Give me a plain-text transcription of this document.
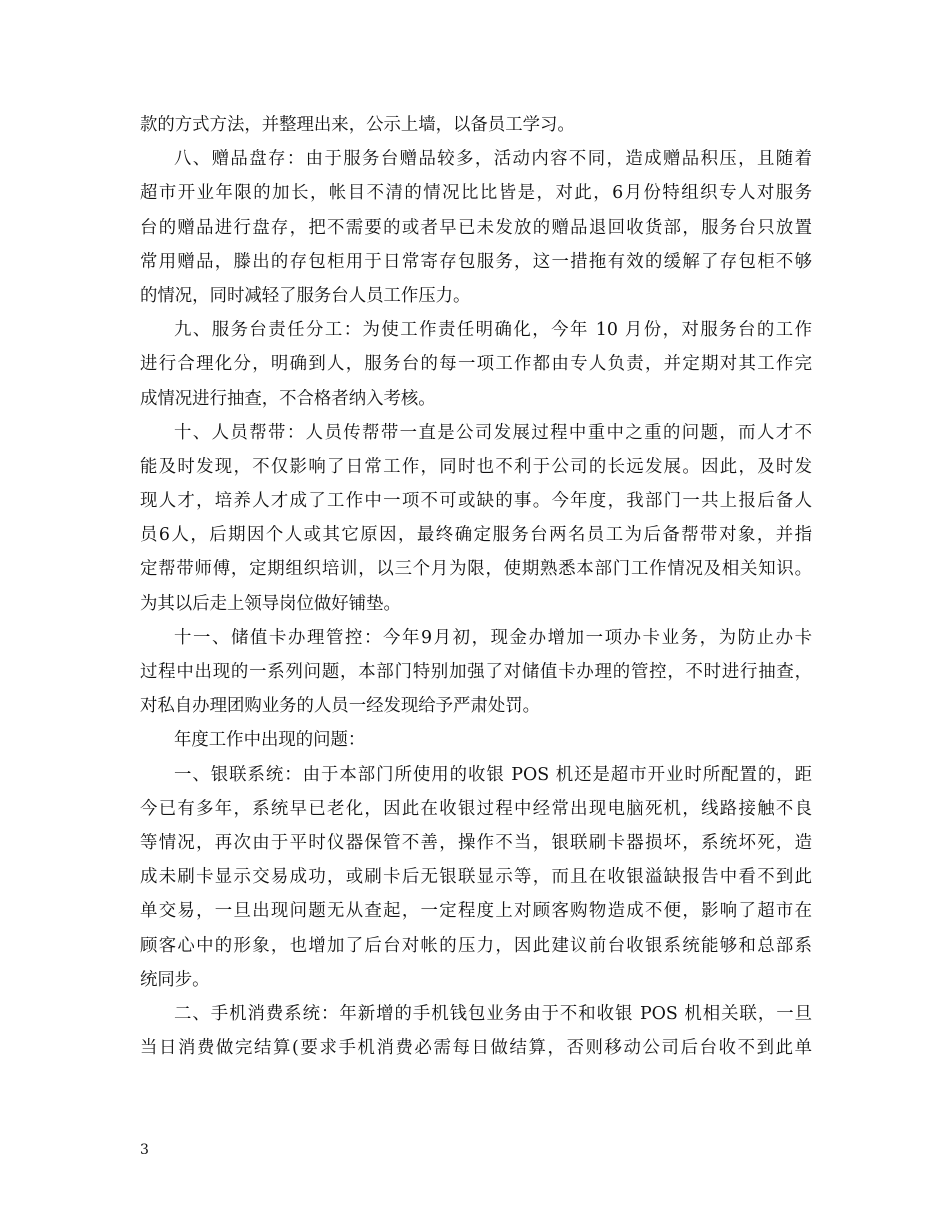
款的方式方法，并整理出来，公示上墙，以备员工学习。
八、赠品盘存：由于服务台赠品较多，活动内容不同，造成赠品积压，且随着
超市开业年限的加长，帐目不清的情况比比皆是，对此，6月份特组织专人对服务
台的赠品进行盘存，把不需要的或者早已未发放的赠品退回收货部，服务台只放置
常用赠品，滕出的存包柜用于日常寄存包服务，这一措拖有效的缓解了存包柜不够
的情况，同时减轻了服务台人员工作压力。
九、服务台责任分工：为使工作责任明确化，今年 10 月份，对服务台的工作
进行合理化分，明确到人，服务台的每一项工作都由专人负责，并定期对其工作完
成情况进行抽查，不合格者纳入考核。
十、人员帮带：人员传帮带一直是公司发展过程中重中之重的问题，而人才不
能及时发现，不仅影响了日常工作，同时也不利于公司的长远发展。因此，及时发
现人才，培养人才成了工作中一项不可或缺的事。今年度，我部门一共上报后备人
员6人，后期因个人或其它原因，最终确定服务台两名员工为后备帮带对象，并指
定帮带师傅，定期组织培训，以三个月为限，使期熟悉本部门工作情况及相关知识。
为其以后走上领导岗位做好铺垫。
十一、储值卡办理管控：今年9月初，现金办增加一项办卡业务，为防止办卡
过程中出现的一系列问题，本部门特别加强了对储值卡办理的管控，不时进行抽查，
对私自办理团购业务的人员一经发现给予严肃处罚。
年度工作中出现的问题：
一、银联系统：由于本部门所使用的收银 POS 机还是超市开业时所配置的，距
今已有多年，系统早已老化，因此在收银过程中经常出现电脑死机，线路接触不良
等情况，再次由于平时仪器保管不善，操作不当，银联刷卡器损坏，系统坏死，造
成未刷卡显示交易成功，或刷卡后无银联显示等，而且在收银溢缺报告中看不到此
单交易，一旦出现问题无从查起，一定程度上对顾客购物造成不便，影响了超市在
顾客心中的形象，也增加了后台对帐的压力，因此建议前台收银系统能够和总部系
统同步。
二、手机消费系统：年新增的手机钱包业务由于不和收银 POS 机相关联，一旦
当日消费做完结算(要求手机消费必需每日做结算，否则移动公司后台收不到此单
3
